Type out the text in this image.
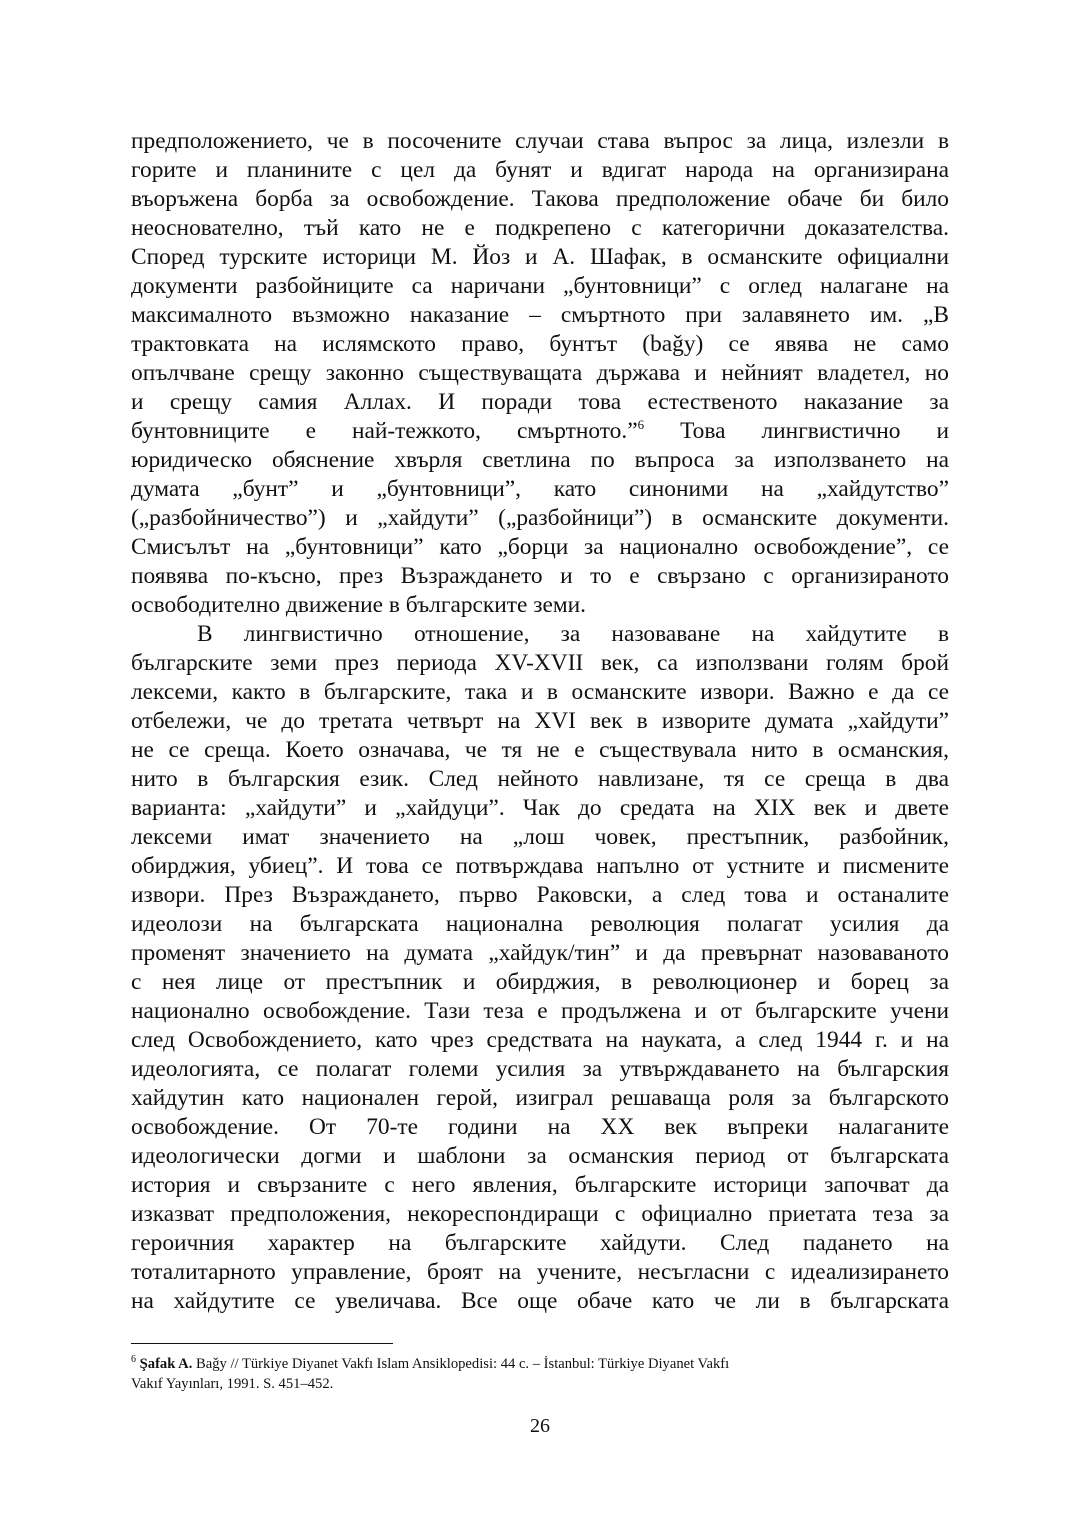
предположението, че в посочените случаи става въпрос за лица, излезли в
горите и планините с цел да бунят и вдигат народа на организирана
въоръжена борба за освобождение. Такова предположение обаче би било
неоснователно, тъй като не е подкрепено с категорични доказателства.
Според турските историци М. Йоз и А. Шафак, в османските официални
документи разбойниците са наричани „бунтовници” с оглед налагане на
максималното възможно наказание – смъртното при залавянето им. „В
трактовката на ислямското право, бунтът (baǧy) се явява не само
опълчване срещу законно съществуващата държава и нейният владетел, но
и срещу самия Аллах. И поради това естественото наказание за
бунтовниците е най-тежкото, смъртното.”$^6$ Това лингвистично и
юридическо обяснение хвърля светлина по въпроса за използването на
думата „бунт” и „бунтовници”, като синоними на „хайдутство”
(„разбойничество”) и „хайдути” („разбойници”) в османските документи.
Смисълът на „бунтовници” като „борци за национално освобождение”, се
появява по-късно, през Възраждането и то е свързано с организираното
освободително движение в българските земи.
В лингвистично отношение, за назоваване на хайдутите в
българските земи през периода XV-XVII век, са използвани голям брой
лексеми, както в българските, така и в османските извори. Важно е да се
отбележи, че до третата четвърт на XVI век в изворите думата „хайдути”
не се среща. Което означава, че тя не е съществувала нито в османския,
нито в българския език. След нейното навлизане, тя се среща в два
варианта: „хайдути” и „хайдуци”. Чак до средата на XIX век и двете
лексеми имат значението на „лош човек, престъпник, разбойник,
обирджия, убиец”. И това се потвърждава напълно от устните и писмените
извори. През Възраждането, първо Раковски, а след това и останалите
идеолози на българската национална революция полагат усилия да
променят значението на думата „хайдук/тин” и да превърнат назоваваното
с нея лице от престъпник и обирджия, в революционер и борец за
национално освобождение. Тази теза е продължена и от българските учени
след Освобождението, като чрез средствата на науката, а след 1944 г. и на
идеологията, се полагат големи усилия за утвърждаването на българския
хайдутин като национален герой, изиграл решаваща роля за българското
освобождение. От 70-те години на XX век въпреки налаганите
идеологически догми и шаблони за османския период от българската
история и свързаните с него явления, българските историци започват да
изказват предположения, некореспондиращи с официално приетата теза за
героичния характер на българските хайдути. След падането на
тоталитарното управление, броят на учените, несъгласни с идеализирането
на хайдутите се увеличава. Все още обаче като че ли в българската
$^6$ Şafak A. Baǧy // Türkiye Diyanet Vakfı Islam Ansiklopedisi: 44 c. – İstanbul: Türkiye Diyanet Vakfı
Vakıf Yayınları, 1991. S. 451–452.
26
